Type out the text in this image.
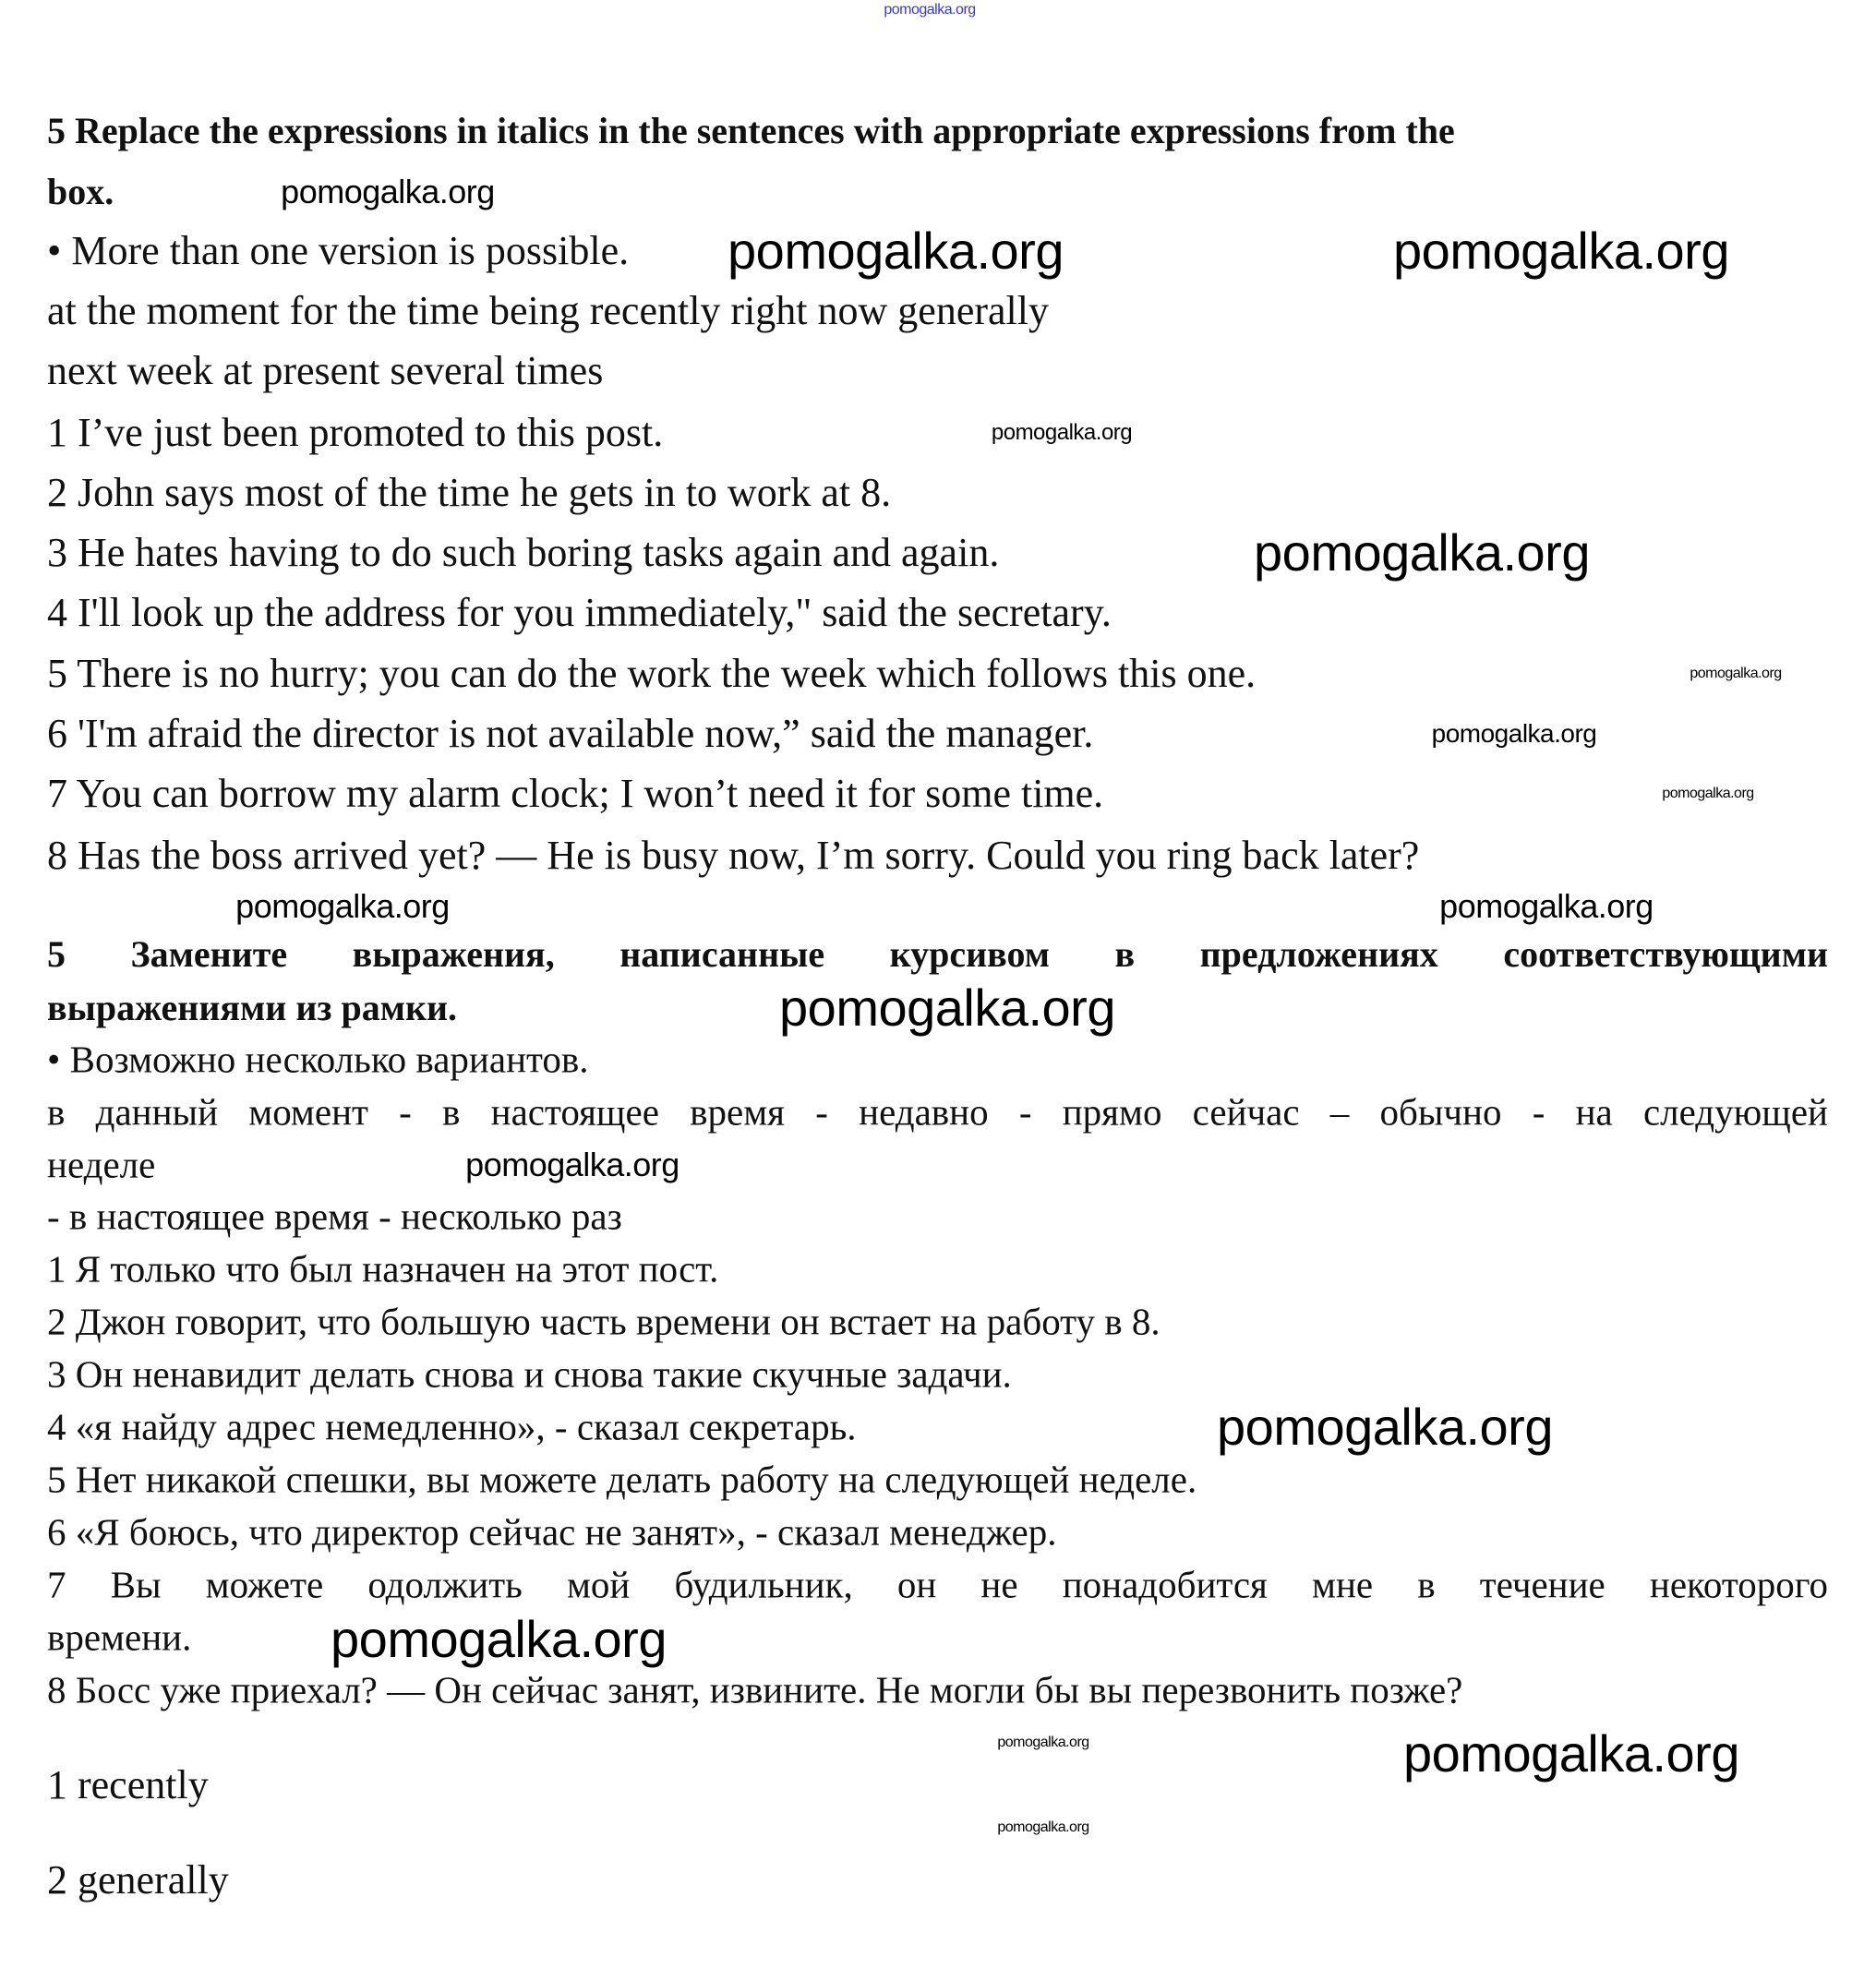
pomogalka.org
5 Replace the expressions in italics in the sentences with appropriate expressions from the
box.
• More than one version is possible.
at the moment for the time being recently right now generally
next week at present several times
1 I’ve just been promoted to this post.
2 John says most of the time he gets in to work at 8.
3 He hates having to do such boring tasks again and again.
4 I'll look up the address for you immediately," said the secretary.
5 There is no hurry; you can do the work the week which follows this one.
6 'I'm afraid the director is not available now,” said the manager.
7 You can borrow my alarm clock; I won’t need it for some time.
8 Has the boss arrived yet? — He is busy now, I’m sorry. Could you ring back later?
5 Замените выражения, написанные курсивом в предложениях соответствующими
выражениями из рамки.
• Возможно несколько вариантов.
в данный момент - в настоящее время - недавно - прямо сейчас – обычно - на следующей
неделе
- в настоящее время - несколько раз
1 Я только что был назначен на этот пост.
2 Джон говорит, что большую часть времени он встает на работу в 8.
3 Он ненавидит делать снова и снова такие скучные задачи.
4 «я найду адрес немедленно», - сказал секретарь.
5 Нет никакой спешки, вы можете делать работу на следующей неделе.
6 «Я боюсь, что директор сейчас не занят», - сказал менеджер.
7 Вы можете одолжить мой будильник, он не понадобится мне в течение некоторого
времени.
8 Босс уже приехал? — Он сейчас занят, извините. Не могли бы вы перезвонить позже?
1 recently
2 generally
pomogalka.org
pomogalka.org	pomogalka.org
pomogalka.org
pomogalka.org
pomogalka.org
pomogalka.org
pomogalka.org
pomogalka.org
pomogalka.org
pomogalka.org
pomogalka.org
pomogalka.org
pomogalka.org
pomogalka.org	pomogalka.org
pomogalka.org
